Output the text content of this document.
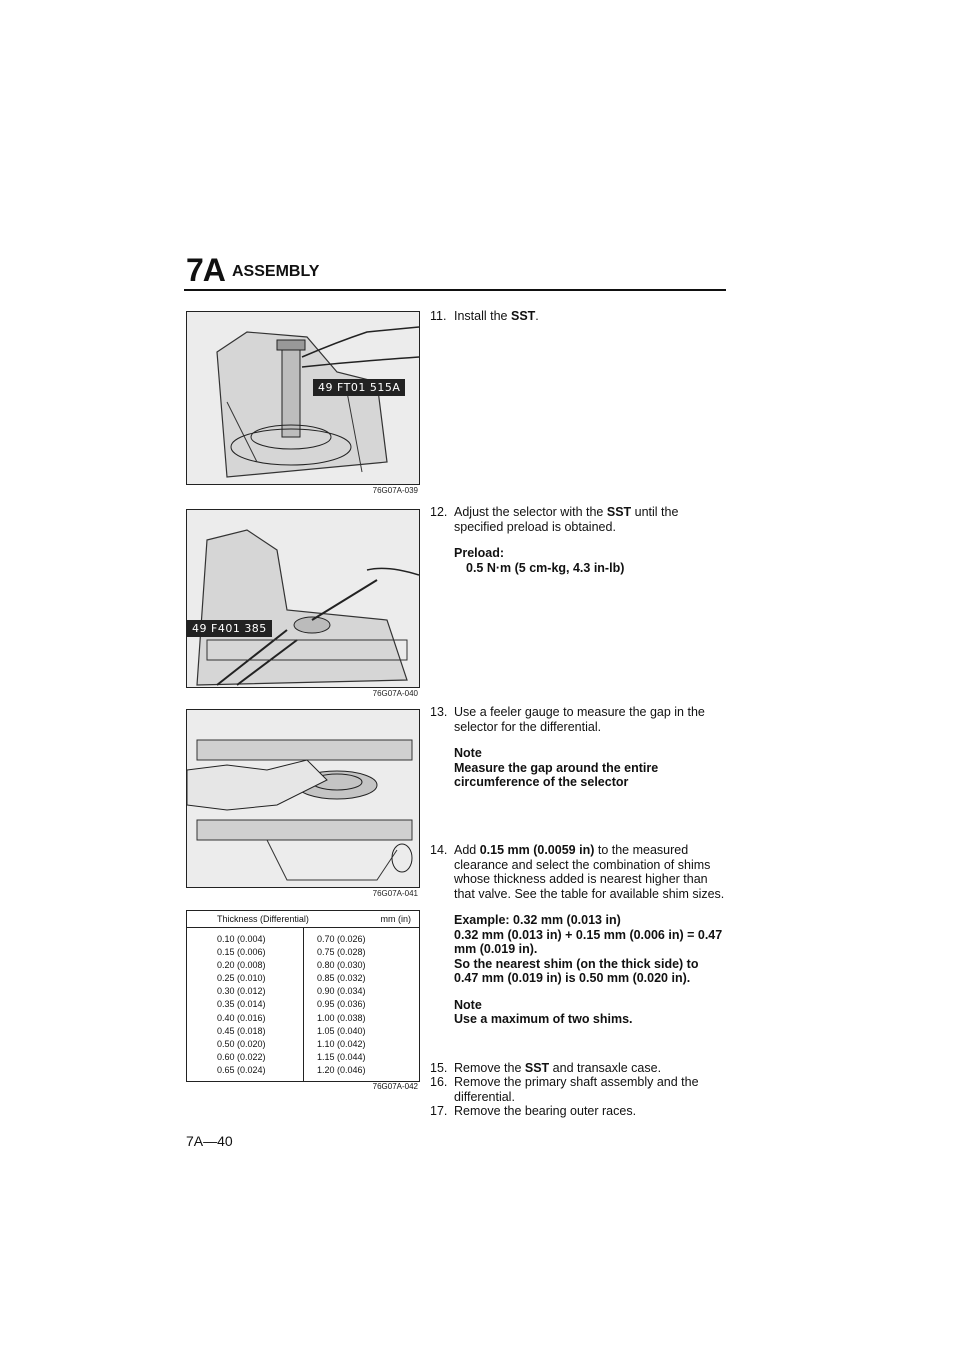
7A ASSEMBLY
49 FT01 515A
76G07A-039
49 F401 385
76G07A-040
76G07A-041
Thickness (Differential)	mm (in)
0.10 (0.004)
0.15 (0.006)
0.20 (0.008)
0.25 (0.010)
0.30 (0.012)
0.35 (0.014)
0.40 (0.016)
0.45 (0.018)
0.50 (0.020)
0.60 (0.022)
0.65 (0.024)
0.70 (0.026)
0.75 (0.028)
0.80 (0.030)
0.85 (0.032)
0.90 (0.034)
0.95 (0.036)
1.00 (0.038)
1.05 (0.040)
1.10 (0.042)
1.15 (0.044)
1.20 (0.046)
76G07A-042
11. Install the SST.
12. Adjust the selector with the SST until the specified preload is obtained.
Preload:
0.5 N·m (5 cm-kg, 4.3 in-lb)
13. Use a feeler gauge to measure the gap in the selector for the differential.
Note
Measure the gap around the entire circumference of the selector
14. Add 0.15 mm (0.0059 in) to the measured clearance and select the combination of shims whose thickness added is nearest higher than that valve. See the table for available shim sizes.
Example: 0.32 mm (0.013 in)
0.32 mm (0.013 in) + 0.15 mm (0.006 in) = 0.47 mm (0.019 in).
So the nearest shim (on the thick side) to 0.47 mm (0.019 in) is 0.50 mm (0.020 in).
Note
Use a maximum of two shims.
15. Remove the SST and transaxle case.
16. Remove the primary shaft assembly and the differential.
17. Remove the bearing outer races.
7A—40
